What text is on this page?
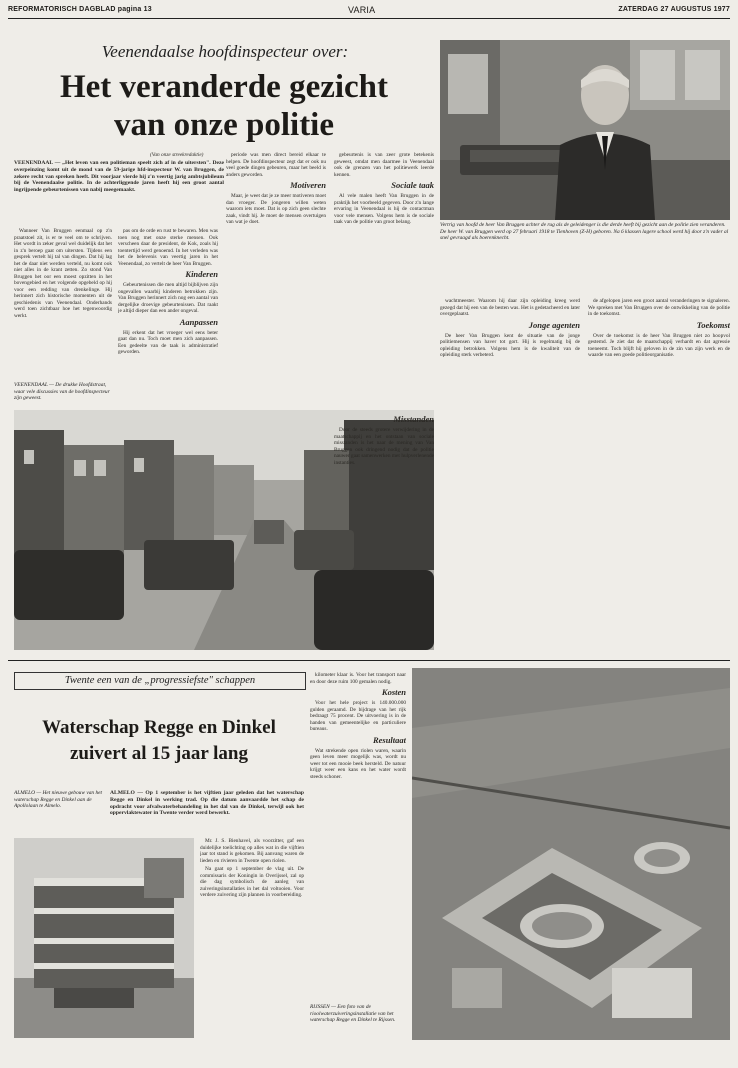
REFORMATORISCH DAGBLAD pagina 13	VARIA	ZATERDAG 27 AUGUSTUS 1977
Veenendaalse hoofdinspecteur over:
Het veranderde gezicht
van onze politie
(Van onze streekredaktie)
VEENENDAAL — „Het leven van een politieman speelt zich af in de uitersten". Deze overpeinzing komt uit de mond van de 59-jarige hfd-inspecteur W. van Bruggen, de zekere recht van spreken heeft. Dit voorjaar vierde hij z'n veertig jarig ambtsjubileum bij de Veenendaalse politie. In de achterliggende jaren heeft hij een groot aantal ingrijpende gebeurtenissen van nabij meegemaakt.

Wanneer Van Bruggen eenmaal op z'n praatstoel zit, is er te veel om te schrijven. Het wordt in zeker geval wel duidelijk dat het in z'n beroep gaat om uitersten. Tijdens een gesprek vertelt hij tal van dingen. Dat hij lag het de daar niet werden verteld, nu komt ook niet alles in de krant zetten. Zo stond Van Bruggen het oor een moest opzitten in het bovengebied en het volgende opgebeld op hij voor een redding van drenkelinge. Hij herinnert zich historische momenten uit de geschiedenis van Veenendaal. Onderhands werd toen zichtbaar hoe het tegenwoordig werkt.

VEENENDAAL — De drukke Hoofdstraat, waar vele discussies van de hoofdinspecteur zijn geweest.

pas om de orde en rust te bewaren. Men was toen nog met onze sterke mensen. Ook verscheen daar de president, de Kok, zoals hij toentertijd werd genoemd. In het verleden was het de belevenis van veertig jaren in het Veenendaal, zo vertelt de heer Van Bruggen.

Kinderen

Gebeurtenissen die men altijd bijblijven zijn ongevallen waarbij kinderen betrokken zijn. Van Bruggen herinnert zich nog een aantal van dergelijke droevige gebeurtenissen. Dat raakt je altijd dieper dan een ander ongeval.

Aanpassen

Hij erkent dat het vroeger wel eens beter gaat dan nu. Toch moet men zich aanpassen. Een gedeelte van de taak is administratief geworden.

periode was men direct bereid elkaar te helpen. De hoofdinspecteur zegt dat er ook nu veel goede dingen gebeuren, maar het beeld is anders geworden.

Motiveren

Maar, je weet dat je ze meer motiveren moet dan vroeger. De jongeren willen weten waarom iets moet. Dat is op zich geen slechte zaak, vindt hij. Je moet de mensen overtuigen van wat je doet.

gebeurtenis is van zeer grote betekenis geweest, omdat men daarmee in Veenendaal ook de grenzen van het politiewerk leerde kennen.

Sociale taak

Al vele malen heeft Van Bruggen in de praktijk het voorbeeld gegeven. Door z'n lange ervaring in Veenendaal is hij de contactman voor vele mensen. Volgens hem is de sociale taak van de politie van groot belang.	Vertrig van hoofd de heer Van Bruggen achter de rug als de geleidenger is die derde heeft bij gezicht aan de politie zien veranderen. De heer W. van Bruggen werd op 27 februari 1918 te Tienhoven (Z-H) geboren. Na 6 klassen lagere school werd hij door z'n vader al snel gevraagd als boerenknecht.
Misstanden

Door de steeds grotere verwijdering in de maatschappij en het ontstaan van sociale misstanden is het naar de mening van Van Bruggen ook dringend nodig dat de politie nauwer gaat samenwerken met hulpverlenende instanties.

wachtmeester. Waarom hij daar zijn opleiding kreeg werd gezegd dat hij een van de besten was. Het is gedetacheerd en later overgeplaatst.

Jonge agenten

De heer Van Bruggen kent de situatie van de jonge politiemensen van haver tot gort. Hij is regelmatig bij de opleiding betrokken. Volgens hem is de kwaliteit van de opleiding sterk verbeterd.

de afgelopen jaren een groot aantal veranderingen te signaleren. We spreken met Van Bruggen over de ontwikkeling van de politie in de toekomst.

Toekomst

Over de toekomst is de heer Van Bruggen niet zo hoopvol gestemd. Je ziet dat de maatschappij verhardt en dat agressie toeneemt. Toch blijft hij geloven in de zin van zijn werk en de waarde van een goede politieorganisatie.

Twente een van de „progressiefste" schappen
Waterschap Regge en Dinkel
zuivert al 15 jaar lang
ALMELO — Het nieuwe gebouw van het waterschap Regge en Dinkel aan de Apollolaan te Almelo.
ALMELO — Op 1 september is het vijftien jaar geleden dat het waterschap Regge en Dinkel in werking trad. Op die datum aanvaardde het schap de opdracht voor afvalwaterbehandeling in het dal van de Dinkel, terwijl ook het oppervlaktewater in Twente verder werd bewerkt.

Mr. J. S. Bienhavel, als voorzitter, gaf een duidelijke toelichting op alles wat in die vijftien jaar tot stand is gekomen. Bij aanvang waren de lieden en rivieren in Twente open riolen.

Na gaat op 1 september de vlag uit. De commissaris der Koningin in Overijssel, zal op die dag symbolisch de aanleg van zuiveringsinstallaties in het dal voltooien. Voor verdere zuivering zijn plannen in voorbereiding.

kilometer klaar is. Voor het transport naar en door deze ruim 100 gemalen nodig.

Kosten

Voor het hele project is 140.000.000 gulden geraamd. De bijdrage van het rijk bedraagt 75 procent. De uitvoering is in de handen van gemeentelijke en particuliere bureaus.

Resultaat

Wat strekende open riolen waren, waarin geen leven meer mogelijk was, wordt nu weer tot een mooie beek hersteld. De natuur krijgt weer een kans en het water wordt steeds schoner.

RIJSSEN — Een foto van de rioolwaterzuiveringsinstallatie van het waterschap Regge en Dinkel te Rijssen.
